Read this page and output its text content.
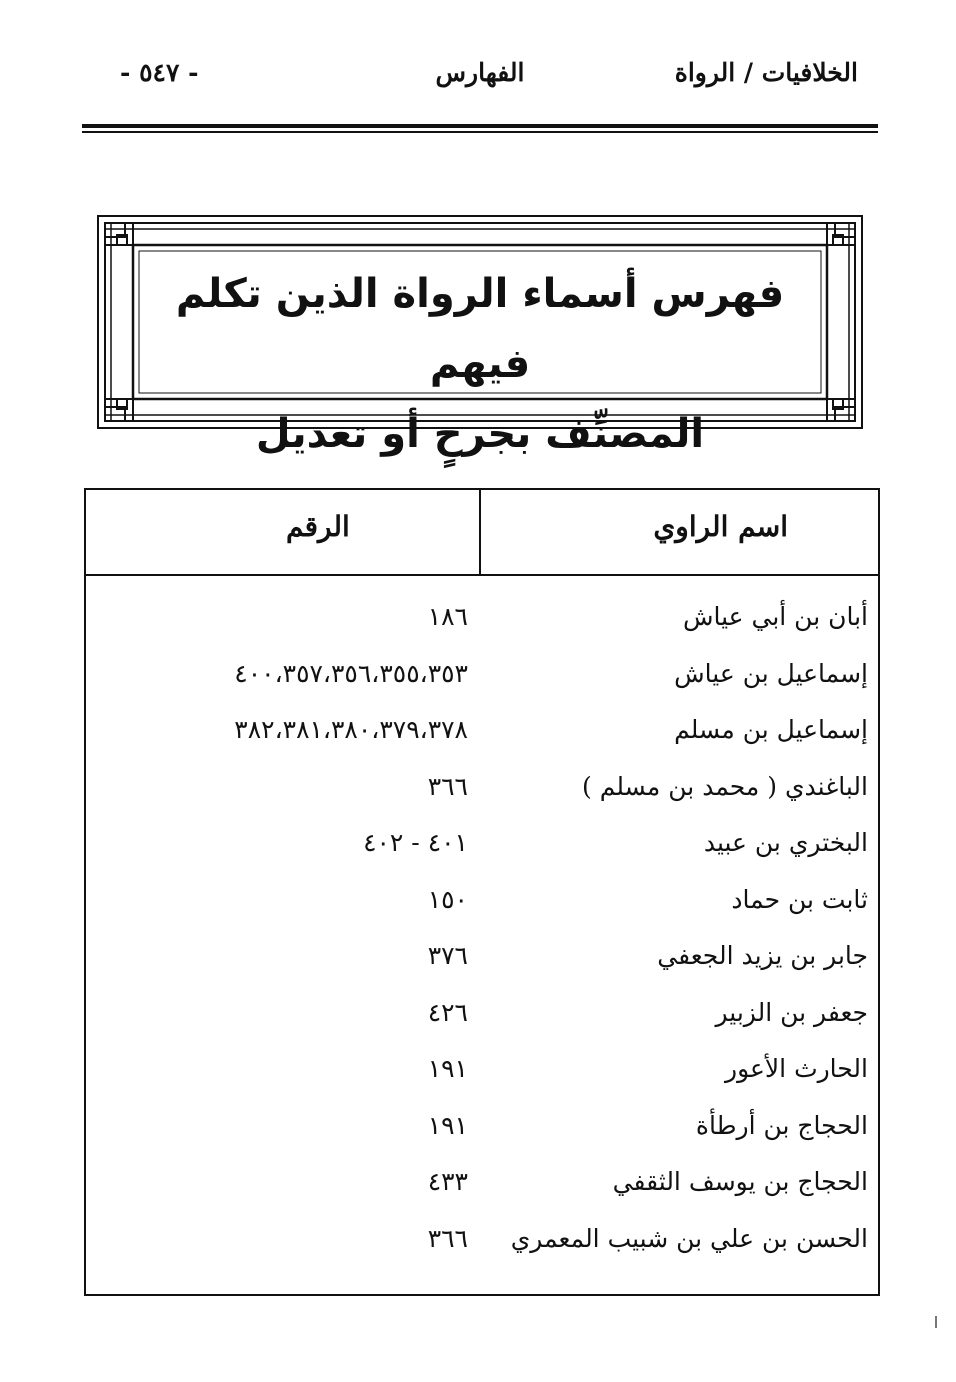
الخلافيات / الرواة
الفهارس
- ٥٤٧ -
فهرس أسماء الرواة الذين تكلم فيهم
المصنِّف بجرحٍ أو تعديل
اسم الراوي
الرقم
أبان بن أبي عياش
١٨٦
إسماعيل بن عياش
٤٠٠،٣٥٧،٣٥٦،٣٥٥،٣٥٣
إسماعيل بن مسلم
٣٨٢،٣٨١،٣٨٠،٣٧٩،٣٧٨
الباغندي ( محمد بن مسلم )
٣٦٦
البختري بن عبيد
٤٠١ - ٤٠٢
ثابت بن حماد
١٥٠
جابر بن يزيد الجعفي
٣٧٦
جعفر بن الزبير
٤٢٦
الحارث الأعور
١٩١
الحجاج بن أرطأة
١٩١
الحجاج بن يوسف الثقفي
٤٣٣
الحسن بن علي بن شبيب المعمري
٣٦٦
